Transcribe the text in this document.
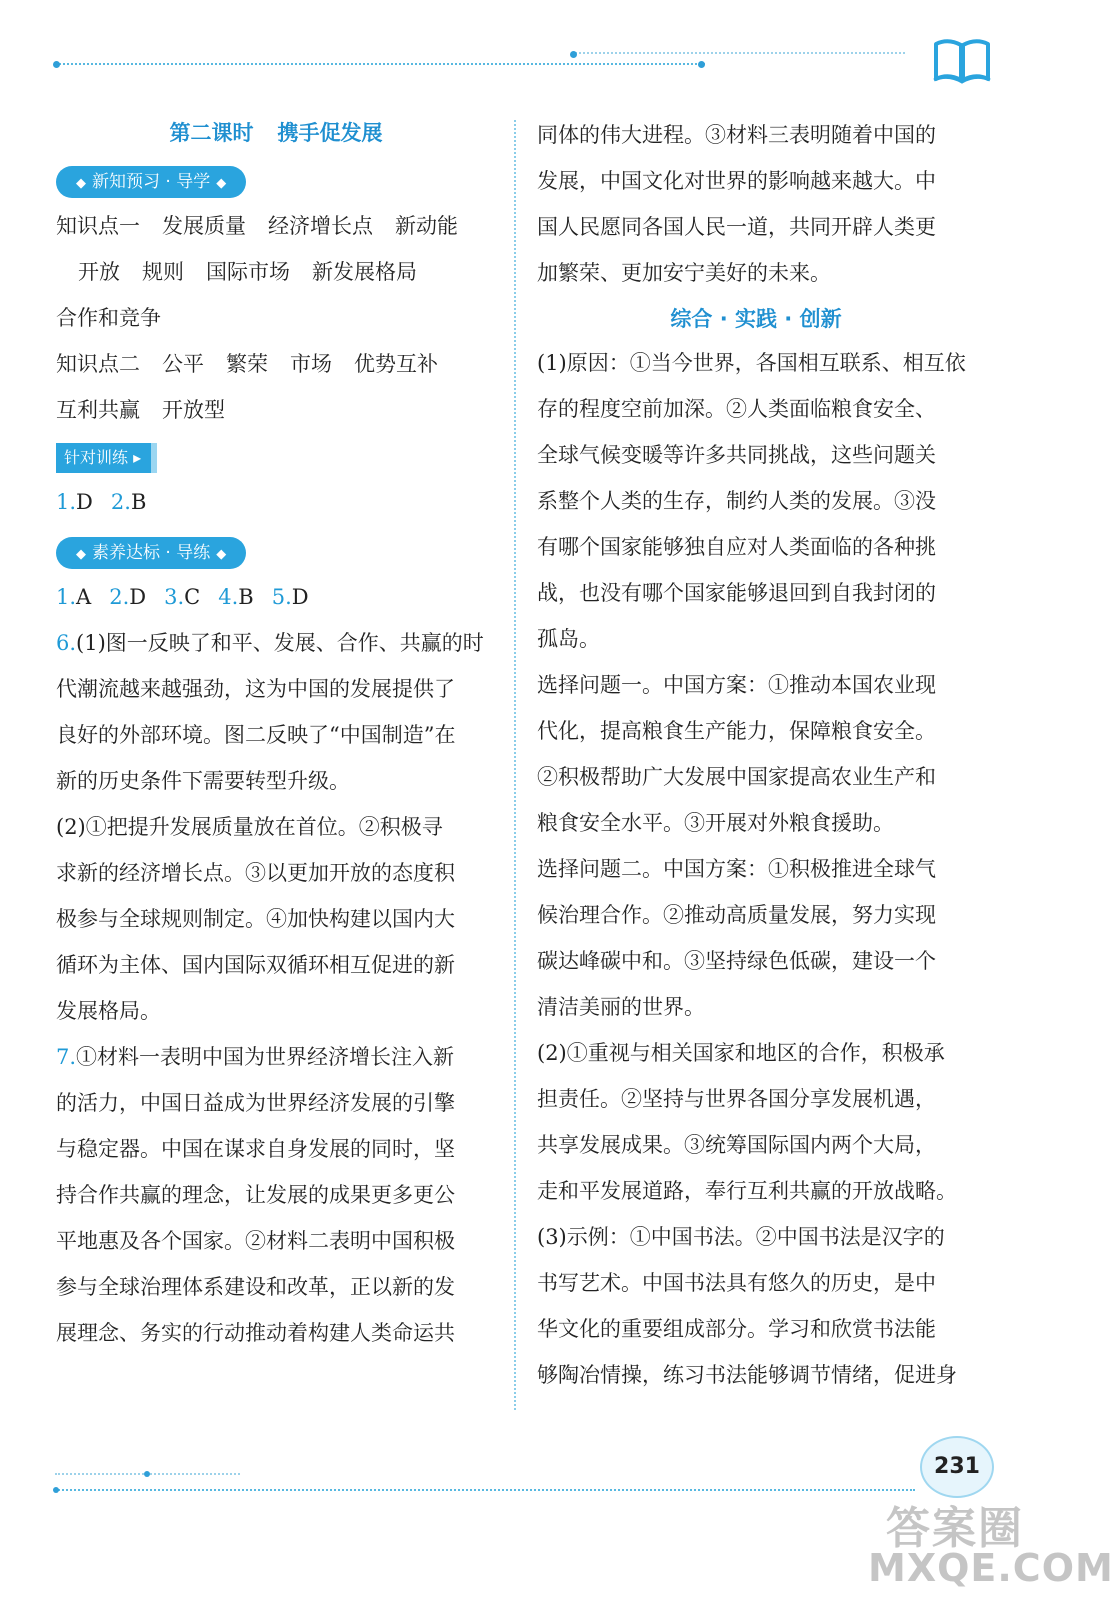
第二课时 携手促发展
◆ 新知预习 · 导学 ◆

知识点一 发展质量 经济增长点 新动能

开放 规则 国际市场 新发展格局

合作和竞争

知识点二 公平 繁荣 市场 优势互补

互利共赢 开放型

针对训练 ▸

1.D 2.B

◆ 素养达标 · 导练 ◆

1.A 2.D 3.C 4.B 5.D

6.(1)图一反映了和平、发展、合作、共赢的时

代潮流越来越强劲，这为中国的发展提供了

良好的外部环境。图二反映了“中国制造”在

新的历史条件下需要转型升级。

(2)①把提升发展质量放在首位。②积极寻

求新的经济增长点。③以更加开放的态度积

极参与全球规则制定。④加快构建以国内大

循环为主体、国内国际双循环相互促进的新

发展格局。

7.①材料一表明中国为世界经济增长注入新

的活力，中国日益成为世界经济发展的引擎

与稳定器。中国在谋求自身发展的同时，坚

持合作共赢的理念，让发展的成果更多更公

平地惠及各个国家。②材料二表明中国积极

参与全球治理体系建设和改革，正以新的发

展理念、务实的行动推动着构建人类命运共

同体的伟大进程。③材料三表明随着中国的

发展，中国文化对世界的影响越来越大。中

国人民愿同各国人民一道，共同开辟人类更

加繁荣、更加安宁美好的未来。

综合 · 实践 · 创新

(1)原因：①当今世界，各国相互联系、相互依

存的程度空前加深。②人类面临粮食安全、

全球气候变暖等许多共同挑战，这些问题关

系整个人类的生存，制约人类的发展。③没

有哪个国家能够独自应对人类面临的各种挑

战，也没有哪个国家能够退回到自我封闭的

孤岛。

选择问题一。中国方案：①推动本国农业现

代化，提高粮食生产能力，保障粮食安全。

②积极帮助广大发展中国家提高农业生产和

粮食安全水平。③开展对外粮食援助。

选择问题二。中国方案：①积极推进全球气

候治理合作。②推动高质量发展，努力实现

碳达峰碳中和。③坚持绿色低碳，建设一个

清洁美丽的世界。

(2)①重视与相关国家和地区的合作，积极承

担责任。②坚持与世界各国分享发展机遇，

共享发展成果。③统筹国际国内两个大局，

走和平发展道路，奉行互利共赢的开放战略。

(3)示例：①中国书法。②中国书法是汉字的

书写艺术。中国书法具有悠久的历史，是中

华文化的重要组成部分。学习和欣赏书法能

够陶冶情操，练习书法能够调节情绪，促进身

231
答案圈
MXQE.COM
